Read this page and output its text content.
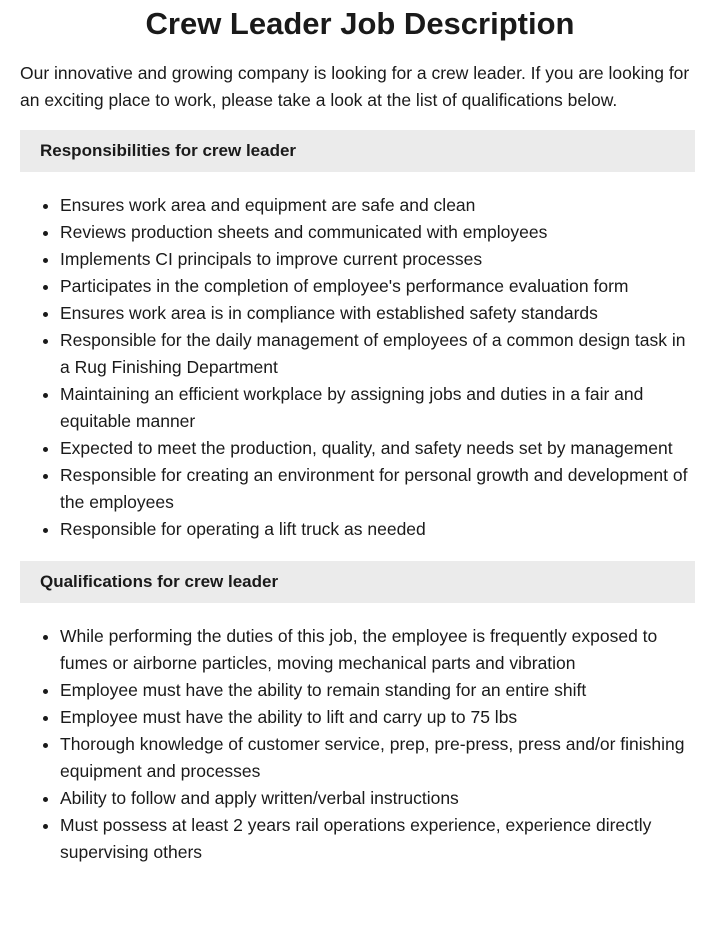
Crew Leader Job Description

Our innovative and growing company is looking for a crew leader. If you are looking for an exciting place to work, please take a look at the list of qualifications below.

Responsibilities for crew leader
• Ensures work area and equipment are safe and clean
• Reviews production sheets and communicated with employees
• Implements CI principals to improve current processes
• Participates in the completion of employee's performance evaluation form
• Ensures work area is in compliance with established safety standards
• Responsible for the daily management of employees of a common design task in a Rug Finishing Department
• Maintaining an efficient workplace by assigning jobs and duties in a fair and equitable manner
• Expected to meet the production, quality, and safety needs set by management
• Responsible for creating an environment for personal growth and development of the employees
• Responsible for operating a lift truck as needed
Qualifications for crew leader
• While performing the duties of this job, the employee is frequently exposed to fumes or airborne particles, moving mechanical parts and vibration
• Employee must have the ability to remain standing for an entire shift
• Employee must have the ability to lift and carry up to 75 lbs
• Thorough knowledge of customer service, prep, pre-press, press and/or finishing equipment and processes
• Ability to follow and apply written/verbal instructions
• Must possess at least 2 years rail operations experience, experience directly supervising others
